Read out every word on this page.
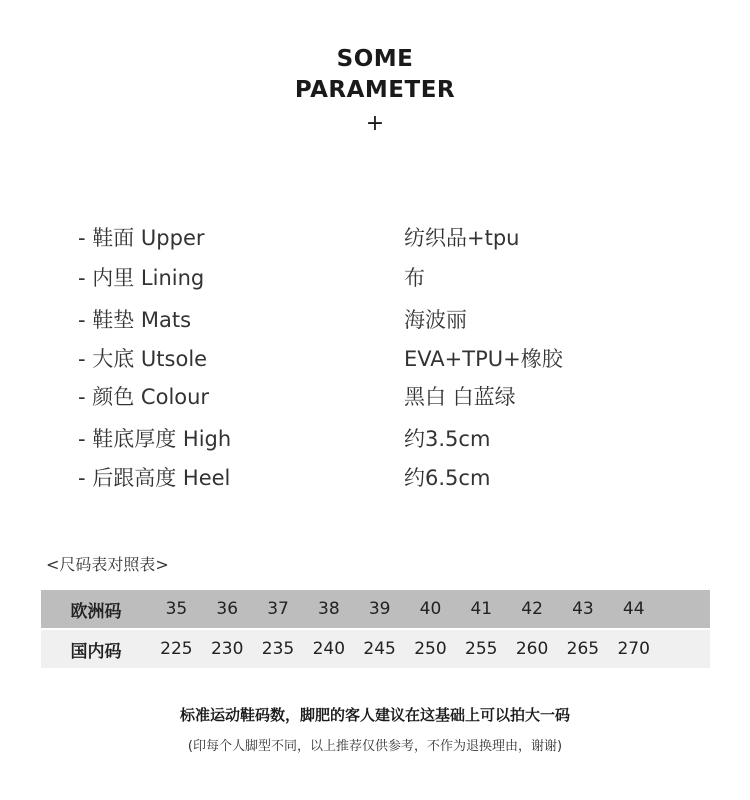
SOME
PARAMETER
+
- 鞋面 Upper	纺织品+tpu
- 内里 Lining	布
- 鞋垫 Mats	海波丽
- 大底 Utsole	EVA+TPU+橡胶
- 颜色 Colour	黑白 白蓝绿
- 鞋底厚度 High	约3.5cm
- 后跟高度 Heel	约6.5cm
<尺码表对照表>
欧洲码	35	36	37	38	39	40	41	42	43	44	
国内码	225	230	235	240	245	250	255	260	265	270	
标准运动鞋码数，脚肥的客人建议在这基础上可以拍大一码
(印每个人脚型不同，以上推荐仅供参考，不作为退换理由，谢谢)
